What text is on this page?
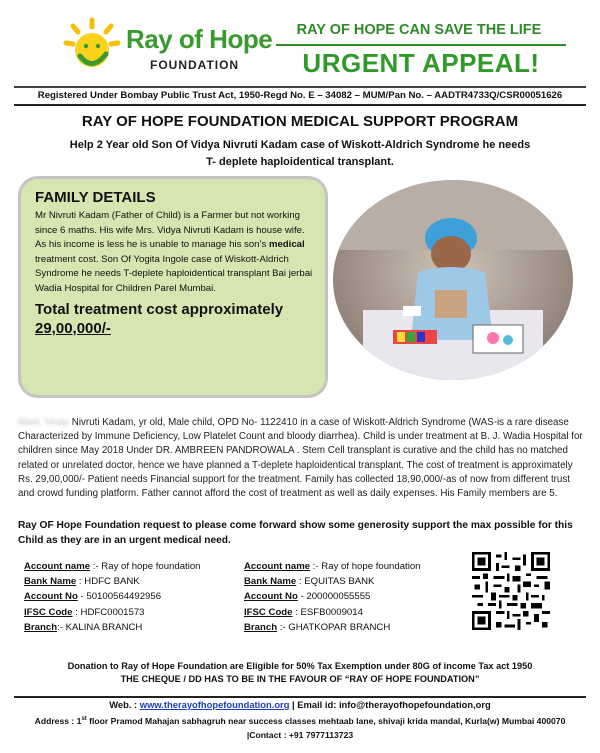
Ray of Hope
FOUNDATION
RAY OF HOPE CAN SAVE THE LIFE
URGENT APPEAL!
Registered Under Bombay Public Trust Act, 1950-Regd No. E – 34082 – MUM/Pan No. – AADTR4733Q/CSR00051626
RAY OF HOPE FOUNDATION MEDICAL SUPPORT PROGRAM
Help 2 Year old Son Of Vidya Nivruti Kadam case of Wiskott-Aldrich Syndrome he needs
T- deplete haploidentical transplant.
FAMILY DETAILS
Mr Nivruti Kadam (Father of Child) is a Farmer but not working since 6 maths. His wife Mrs. Vidya Nivruti Kadam is house wife. As his income is less he is unable to manage his son’s medical treatment cost. Son Of Yogita Ingole case of Wiskott-Aldrich Syndrome he needs T-deplete haploidentical transplant Bai jerbai Wadia Hospital for Children Parel Mumbai.
Total treatment cost approximately
29,00,000/-
Mast. Vinay Nivruti Kadam, yr old, Male child, OPD No- 1122410 in a case of Wiskott-Aldrich Syndrome (WAS-is a rare disease Characterized by Immune Deficiency, Low Platelet Count and bloody diarrhea). Child is under treatment at B. J. Wadia Hospital for children since May 2018 Under DR. AMBREEN PANDROWALA . Stem Cell transplant is curative and the child has no matched related or unrelated doctor, hence we have planned a T-deplete haploidentical transplant. The cost of treatment is approximately Rs. 29,00,000/- Patient needs Financial support for the treatment. Family has collected 18,90,000/-as of now from different trust and crowd funding platform. Father cannot afford the cost of treatment as well as daily expenses. His Family members are 5.
Ray OF Hope Foundation request to please come forward show some generosity support the max possible for this Child as they are in an urgent medical need.
Account name :- Ray of hope foundation
Bank Name : HDFC BANK
Account No - 50100564492956
IFSC Code : HDFC0001573
Branch:- KALINA BRANCH
Account name :- Ray of hope foundation
Bank Name : EQUITAS BANK
Account No - 200000055555
IFSC Code : ESFB0009014
Branch :- GHATKOPAR BRANCH
Donation to Ray of Hope Foundation are Eligible for 50% Tax Exemption under 80G of income Tax act 1950
THE CHEQUE / DD HAS TO BE IN THE FAVOUR OF “RAY OF HOPE FOUNDATION”
Web. : www.therayofhopefoundation.org | Email id: info@therayofhopefoundation,org
Address : 1st floor Pramod Mahajan sabhagruh near success classes mehtaab lane, shivaji krida mandal, Kurla(w) Mumbai 400070
|Contact : +91 7977113723
